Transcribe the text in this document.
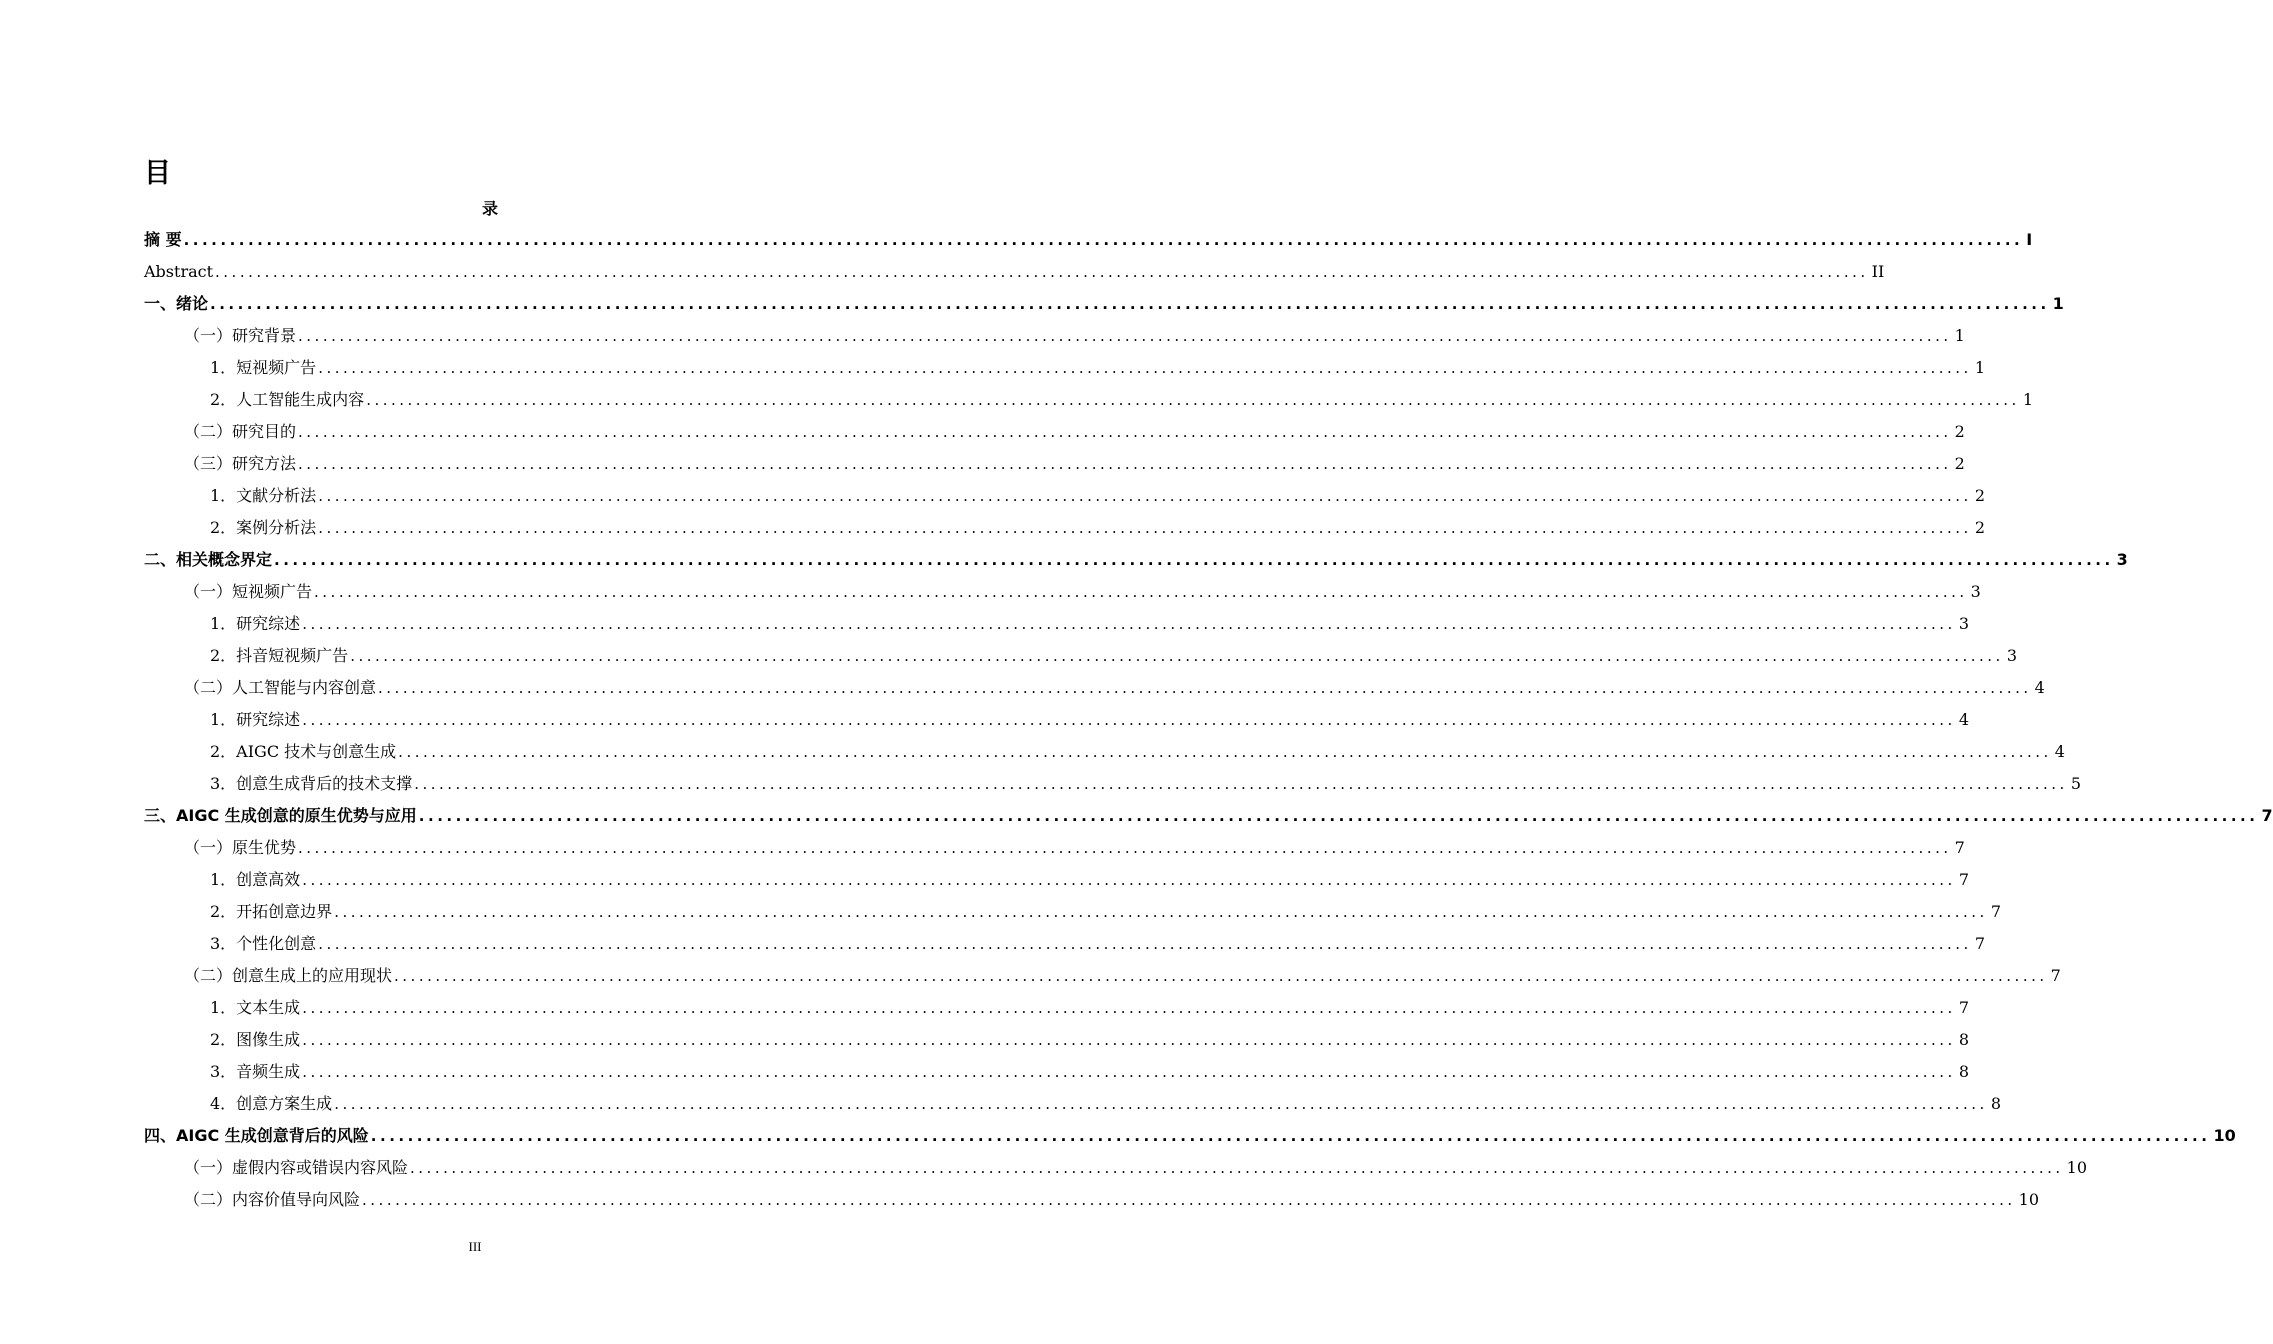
目
录
摘 要 ........................................................................................................................................................................................................ I
Abstract ........................................................................................................................................................................................................ II
一、绪论 ........................................................................................................................................................................................................ 1
（一）研究背景 ........................................................................................................................................................................................................ 1
1．短视频广告 ........................................................................................................................................................................................................ 1
2．人工智能生成内容 ........................................................................................................................................................................................................ 1
（二）研究目的 ........................................................................................................................................................................................................ 2
（三）研究方法 ........................................................................................................................................................................................................ 2
1．文献分析法 ........................................................................................................................................................................................................ 2
2．案例分析法 ........................................................................................................................................................................................................ 2
二、相关概念界定 ........................................................................................................................................................................................................ 3
（一）短视频广告 ........................................................................................................................................................................................................ 3
1．研究综述 ........................................................................................................................................................................................................ 3
2．抖音短视频广告 ........................................................................................................................................................................................................ 3
（二）人工智能与内容创意 ........................................................................................................................................................................................................ 4
1．研究综述 ........................................................................................................................................................................................................ 4
2．AIGC 技术与创意生成 ........................................................................................................................................................................................................ 4
3．创意生成背后的技术支撑 ........................................................................................................................................................................................................ 5
三、AIGC 生成创意的原生优势与应用 ........................................................................................................................................................................................................ 7
（一）原生优势 ........................................................................................................................................................................................................ 7
1．创意高效 ........................................................................................................................................................................................................ 7
2．开拓创意边界 ........................................................................................................................................................................................................ 7
3．个性化创意 ........................................................................................................................................................................................................ 7
（二）创意生成上的应用现状 ........................................................................................................................................................................................................ 7
1．文本生成 ........................................................................................................................................................................................................ 7
2．图像生成 ........................................................................................................................................................................................................ 8
3．音频生成 ........................................................................................................................................................................................................ 8
4．创意方案生成 ........................................................................................................................................................................................................ 8
四、AIGC 生成创意背后的风险 ........................................................................................................................................................................................................ 10
（一）虚假内容或错误内容风险 ........................................................................................................................................................................................................ 10
（二）内容价值导向风险 ........................................................................................................................................................................................................ 10
III
